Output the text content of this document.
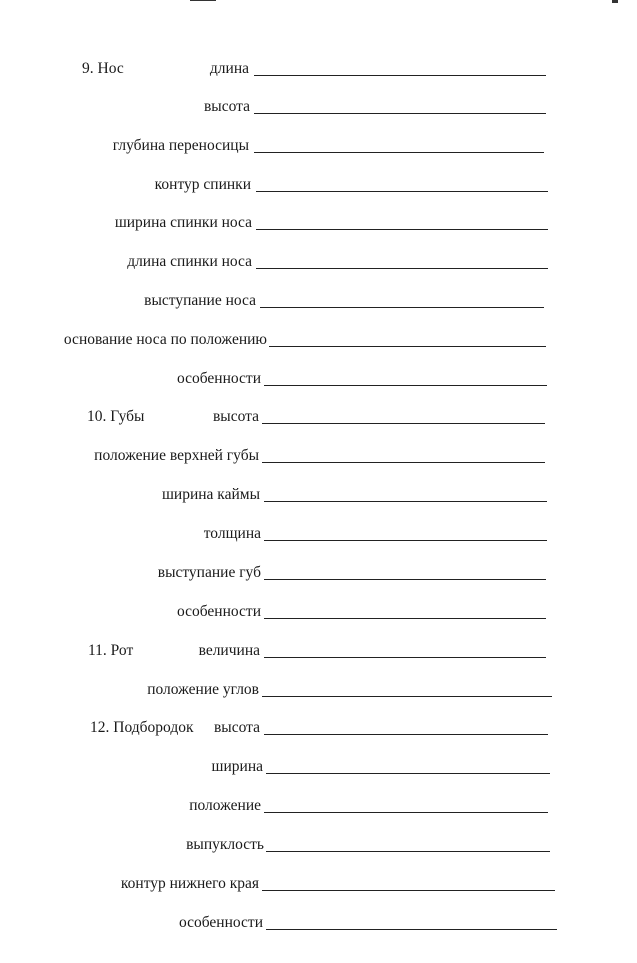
9. Нос	длина
высота
глубина переносицы
контур спинки
ширина спинки носа
длина спинки носа
выступание носа
основание носа по положению
особенности
10. Губы	высота
положение верхней губы
ширина каймы
толщина
выступание губ
особенности
11. Рот	величина
положение углов
12. Подбородок высота
ширина
положение
выпуклость
контур нижнего края
особенности
